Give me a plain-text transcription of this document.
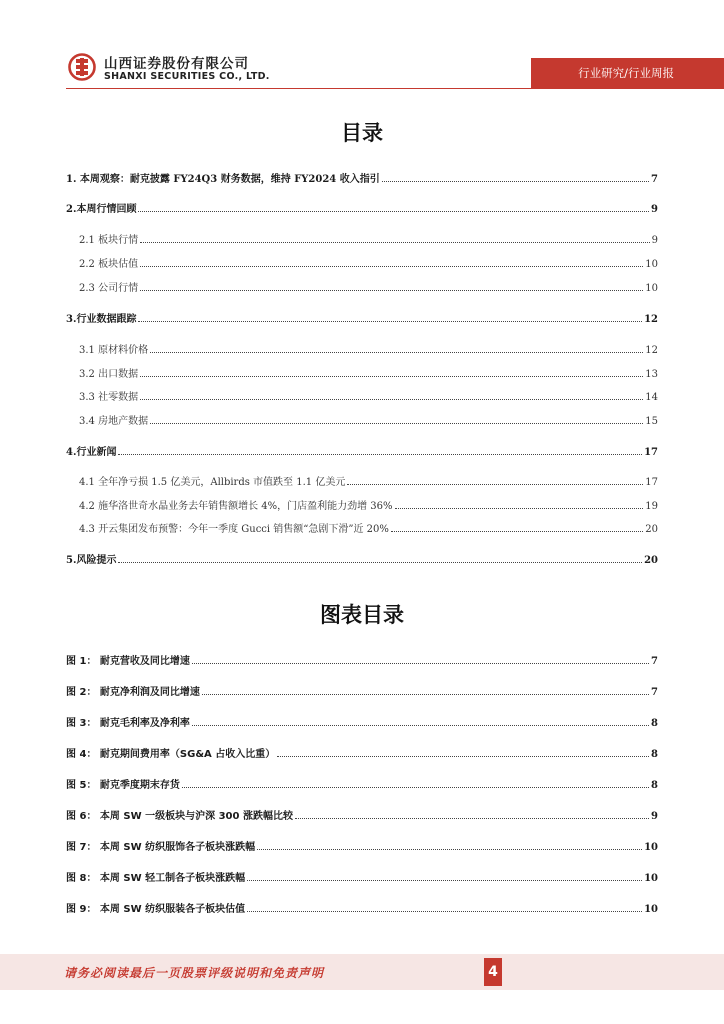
山西证券股份有限公司
SHANXI SECURITIES CO., LTD.	行业研究/行业周报
目录
1. 本周观察：耐克披露 FY24Q3 财务数据，维持 FY2024 收入指引	7
2.本周行情回顾	9
2.1 板块行情	9
2.2 板块估值	10
2.3 公司行情	10
3.行业数据跟踪	12
3.1 原材料价格	12
3.2 出口数据	13
3.3 社零数据	14
3.4 房地产数据	15
4.行业新闻	17
4.1 全年净亏损 1.5 亿美元，Allbirds 市值跌至 1.1 亿美元	17
4.2 施华洛世奇水晶业务去年销售额增长 4%，门店盈利能力劲增 36%	19
4.3 开云集团发布预警：今年一季度 Gucci 销售额“急剧下滑”近 20%	20
5.风险提示	20
图表目录
图 1： 耐克营收及同比增速	7
图 2： 耐克净利润及同比增速	7
图 3： 耐克毛利率及净利率	8
图 4： 耐克期间费用率（SG&A 占收入比重）	8
图 5： 耐克季度期末存货	8
图 6： 本周 SW 一级板块与沪深 300 涨跌幅比较	9
图 7： 本周 SW 纺织服饰各子板块涨跌幅	10
图 8： 本周 SW 轻工制各子板块涨跌幅	10
图 9： 本周 SW 纺织服装各子板块估值	10
请务必阅读最后一页股票评级说明和免责声明	4
